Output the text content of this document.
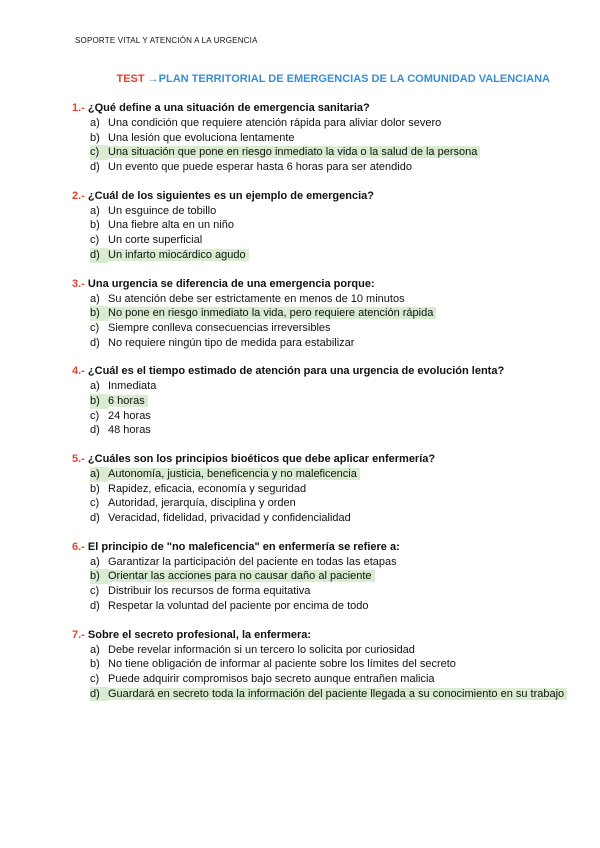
SOPORTE VITAL Y ATENCIÓN A LA URGENCIA
TEST →PLAN TERRITORIAL DE EMERGENCIAS DE LA COMUNIDAD VALENCIANA
1.- ¿Qué define a una situación de emergencia sanitaria?
a) Una condición que requiere atención rápida para aliviar dolor severo
b) Una lesión que evoluciona lentamente
c) Una situación que pone en riesgo inmediato la vida o la salud de la persona
d) Un evento que puede esperar hasta 6 horas para ser atendido
2.- ¿Cuál de los siguientes es un ejemplo de emergencia?
a) Un esguince de tobillo
b) Una fiebre alta en un niño
c) Un corte superficial
d) Un infarto miocárdico agudo
3.- Una urgencia se diferencia de una emergencia porque:
a) Su atención debe ser estrictamente en menos de 10 minutos
b) No pone en riesgo inmediato la vida, pero requiere atención rápida
c) Siempre conlleva consecuencias irreversibles
d) No requiere ningún tipo de medida para estabilizar
4.- ¿Cuál es el tiempo estimado de atención para una urgencia de evolución lenta?
a) Inmediata
b) 6 horas
c) 24 horas
d) 48 horas
5.- ¿Cuáles son los principios bioéticos que debe aplicar enfermería?
a) Autonomía, justicia, beneficencia y no maleficencia
b) Rapidez, eficacia, economía y seguridad
c) Autoridad, jerarquía, disciplina y orden
d) Veracidad, fidelidad, privacidad y confidencialidad
6.- El principio de "no maleficencia" en enfermería se refiere a:
a) Garantizar la participación del paciente en todas las etapas
b) Orientar las acciones para no causar daño al paciente
c) Distribuir los recursos de forma equitativa
d) Respetar la voluntad del paciente por encima de todo
7.- Sobre el secreto profesional, la enfermera:
a) Debe revelar información si un tercero lo solicita por curiosidad
b) No tiene obligación de informar al paciente sobre los límites del secreto
c) Puede adquirir compromisos bajo secreto aunque entrañen malicia
d) Guardará en secreto toda la información del paciente llegada a su conocimiento en su trabajo
